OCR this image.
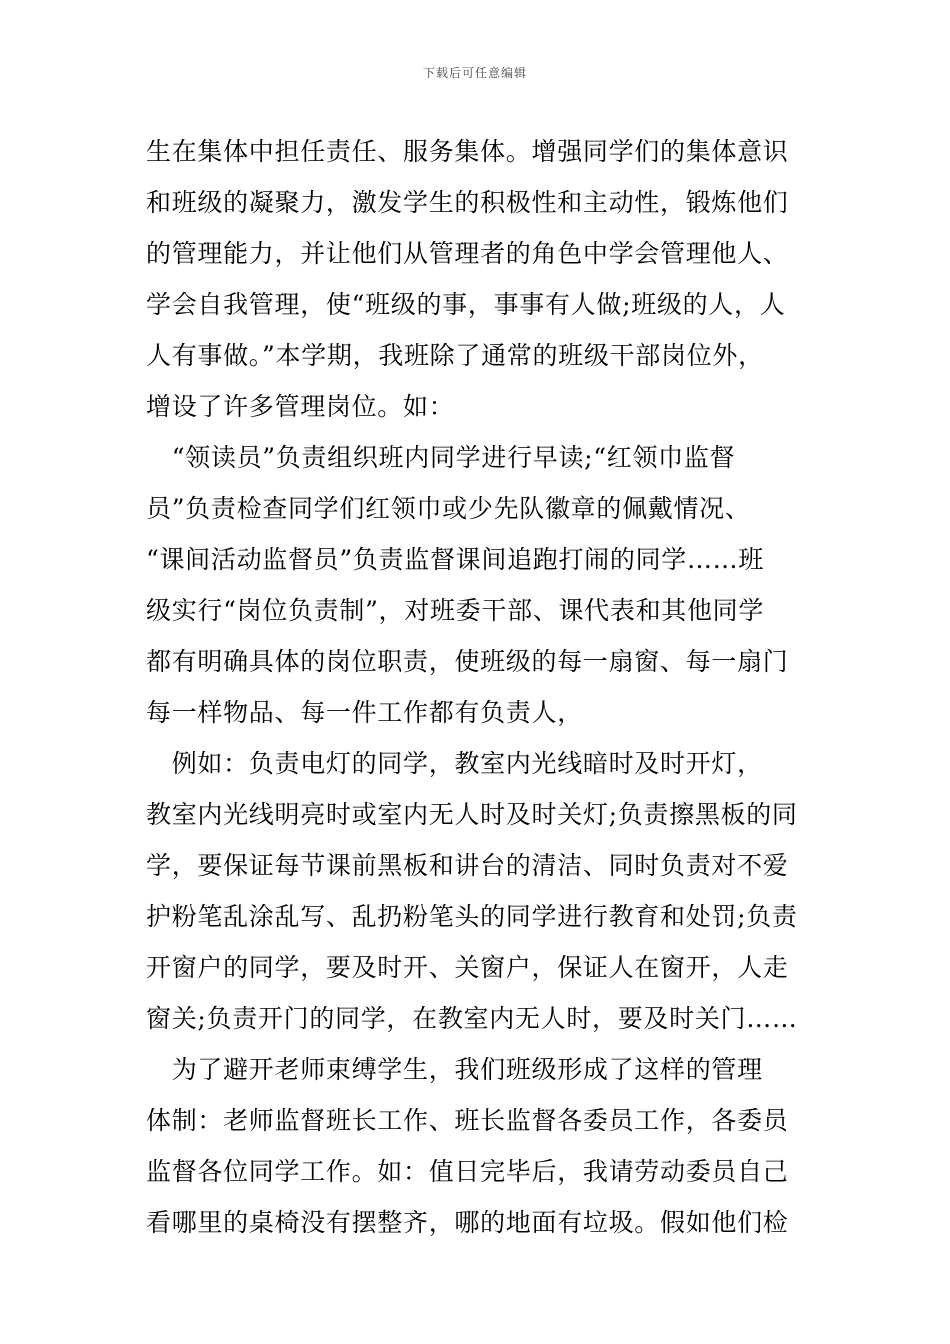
下载后可任意编辑
生在集体中担任责任、服务集体。增强同学们的集体意识
和班级的凝聚力，激发学生的积极性和主动性，锻炼他们
的管理能力，并让他们从管理者的角色中学会管理他人、
学会自我管理，使“班级的事，事事有人做;班级的人，人
人有事做。”本学期，我班除了通常的班级干部岗位外，
增设了许多管理岗位。如：
　“领读员”负责组织班内同学进行早读;“红领巾监督
员”负责检查同学们红领巾或少先队徽章的佩戴情况、
“课间活动监督员”负责监督课间追跑打闹的同学……班
级实行“岗位负责制”，对班委干部、课代表和其他同学
都有明确具体的岗位职责，使班级的每一扇窗、每一扇门
每一样物品、每一件工作都有负责人，
　例如：负责电灯的同学，教室内光线暗时及时开灯，
教室内光线明亮时或室内无人时及时关灯;负责擦黑板的同
学，要保证每节课前黑板和讲台的清洁、同时负责对不爱
护粉笔乱涂乱写、乱扔粉笔头的同学进行教育和处罚;负责
开窗户的同学，要及时开、关窗户，保证人在窗开，人走
窗关;负责开门的同学，在教室内无人时，要及时关门……
　为了避开老师束缚学生，我们班级形成了这样的管理
体制：老师监督班长工作、班长监督各委员工作，各委员
监督各位同学工作。如：值日完毕后，我请劳动委员自己
看哪里的桌椅没有摆整齐，哪的地面有垃圾。假如他们检
